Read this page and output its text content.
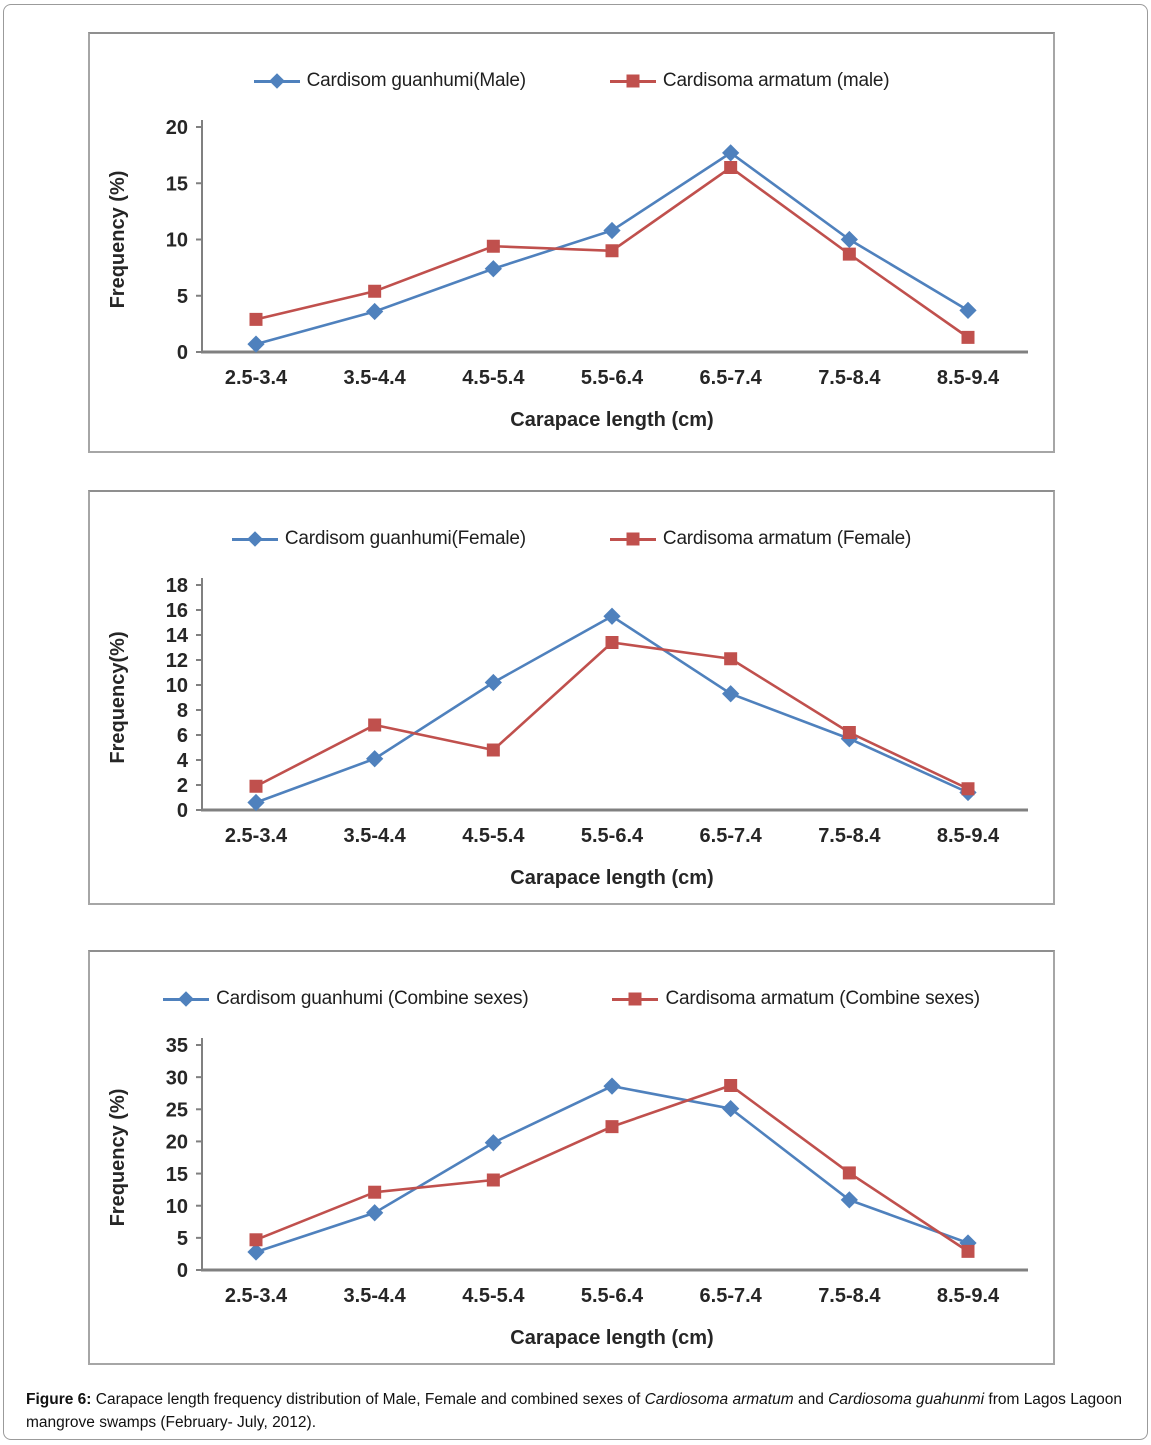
Cardisom guanhumi(Male)	Cardisoma armatum (male)
0
5
10
15
20
2.5-3.4	3.5-4.4	4.5-5.4	5.5-6.4	6.5-7.4	7.5-8.4	8.5-9.4
Frequency (%)
Carapace length (cm)
Cardisom guanhumi(Female)	Cardisoma armatum (Female)
0
2
4
6
8
10
12
14
16
18
2.5-3.4	3.5-4.4	4.5-5.4	5.5-6.4	6.5-7.4	7.5-8.4	8.5-9.4
Frequency(%)
Carapace length (cm)
Cardisom guanhumi (Combine sexes)	Cardisoma armatum (Combine sexes)
0
5
10
15
20
25
30
35
2.5-3.4	3.5-4.4	4.5-5.4	5.5-6.4	6.5-7.4	7.5-8.4	8.5-9.4
Frequency (%)
Carapace length (cm)
Figure 6: Carapace length frequency distribution of Male, Female and combined sexes of Cardiosoma armatum and Cardiosoma guahunmi from Lagos Lagoon mangrove swamps (February- July, 2012).
